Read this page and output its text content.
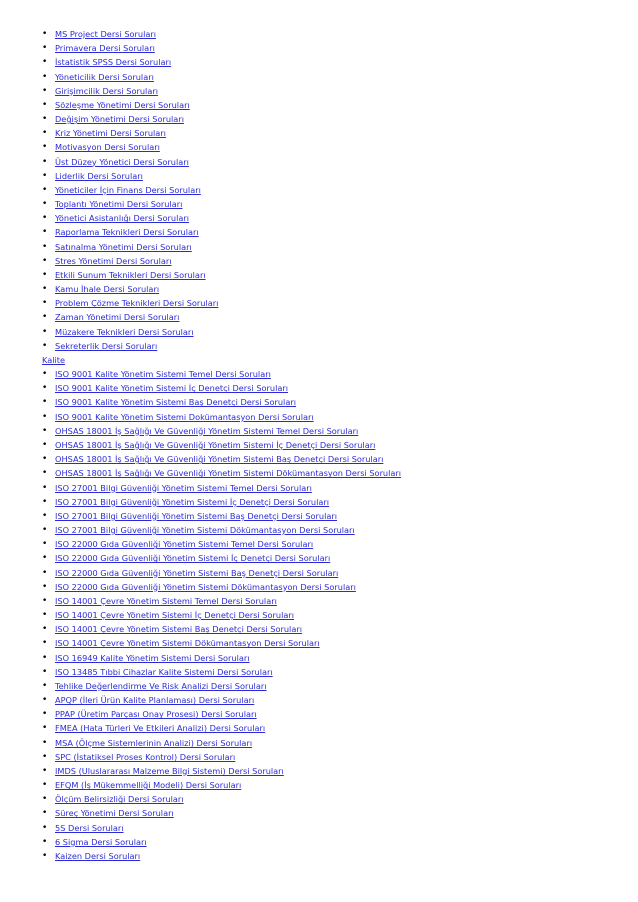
• MS Project Dersi Soruları
• Primavera Dersi Soruları
• İstatistik SPSS Dersi Soruları
• Yöneticilik Dersi Soruları
• Girişimcilik Dersi Soruları
• Sözleşme Yönetimi Dersi Soruları
• Değişim Yönetimi Dersi Soruları
• Kriz Yönetimi Dersi Soruları
• Motivasyon Dersi Soruları
• Üst Düzey Yönetici Dersi Soruları
• Liderlik Dersi Soruları
• Yöneticiler İçin Finans Dersi Soruları
• Toplantı Yönetimi Dersi Soruları
• Yönetici Asistanlığı Dersi Soruları
• Raporlama Teknikleri Dersi Soruları
• Satınalma Yönetimi Dersi Soruları
• Stres Yönetimi Dersi Soruları
• Etkili Sunum Teknikleri Dersi Soruları
• Kamu İhale Dersi Soruları
• Problem Çözme Teknikleri Dersi Soruları
• Zaman Yönetimi Dersi Soruları
• Müzakere Teknikleri Dersi Soruları
• Sekreterlik Dersi Soruları
Kalite
• ISO 9001 Kalite Yönetim Sistemi Temel Dersi Soruları
• ISO 9001 Kalite Yönetim Sistemi İç Denetçi Dersi Soruları
• ISO 9001 Kalite Yönetim Sistemi Baş Denetçi Dersi Soruları
• ISO 9001 Kalite Yönetim Sistemi Dokümantasyon Dersi Soruları
• OHSAS 18001 İş Sağlığı Ve Güvenliği Yönetim Sistemi Temel Dersi Soruları
• OHSAS 18001 İş Sağlığı Ve Güvenliği Yönetim Sistemi İç Denetçi Dersi Soruları
• OHSAS 18001 İş Sağlığı Ve Güvenliği Yönetim Sistemi Baş Denetçi Dersi Soruları
• OHSAS 18001 İş Sağlığı Ve Güvenliği Yönetim Sistemi Dökümantasyon Dersi Soruları
• ISO 27001 Bilgi Güvenliği Yönetim Sistemi Temel Dersi Soruları
• ISO 27001 Bilgi Güvenliği Yönetim Sistemi İç Denetçi Dersi Soruları
• ISO 27001 Bilgi Güvenliği Yönetim Sistemi Baş Denetçi Dersi Soruları
• ISO 27001 Bilgi Güvenliği Yönetim Sistemi Dökümantasyon Dersi Soruları
• ISO 22000 Gıda Güvenliği Yönetim Sistemi Temel Dersi Soruları
• ISO 22000 Gıda Güvenliği Yönetim Sistemi İç Denetçi Dersi Soruları
• ISO 22000 Gıda Güvenliği Yönetim Sistemi Baş Denetçi Dersi Soruları
• ISO 22000 Gıda Güvenliği Yönetim Sistemi Dökümantasyon Dersi Soruları
• ISO 14001 Çevre Yönetim Sistemi Temel Dersi Soruları
• ISO 14001 Çevre Yönetim Sistemi İç Denetçi Dersi Soruları
• ISO 14001 Çevre Yönetim Sistemi Baş Denetçi Dersi Soruları
• ISO 14001 Çevre Yönetim Sistemi Dökümantasyon Dersi Soruları
• ISO 16949 Kalite Yönetim Sistemi Dersi Soruları
• ISO 13485 Tıbbi Cihazlar Kalite Sistemi Dersi Soruları
• Tehlike Değerlendirme Ve Risk Analizi Dersi Soruları
• APQP (İleri Ürün Kalite Planlaması) Dersi Soruları
• PPAP (Üretim Parçası Onay Prosesi) Dersi Soruları
• FMEA (Hata Türleri Ve Etkileri Analizi) Dersi Soruları
• MSA (Ölçme Sistemlerinin Analizi) Dersi Soruları
• SPC (İstatiksel Proses Kontrol) Dersi Soruları
• IMDS (Uluslararası Malzeme Bilgi Sistemi) Dersi Soruları
• EFQM (İş Mükemmelliği Modeli) Dersi Soruları
• Ölçüm Belirsizliği Dersi Soruları
• Süreç Yönetimi Dersi Soruları
• 5S Dersi Soruları
• 6 Sigma Dersi Soruları
• Kaizen Dersi Soruları
